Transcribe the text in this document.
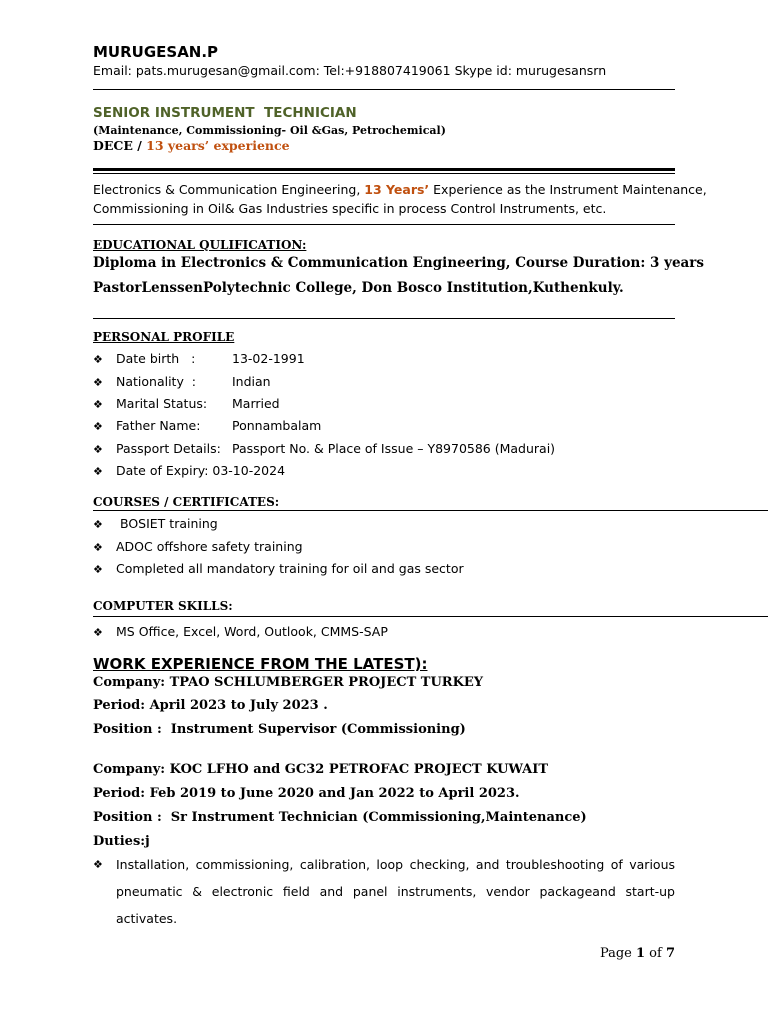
MURUGESAN.P
Email: pats.murugesan@gmail.com: Tel:+918807419061 Skype id: murugesansrn
SENIOR INSTRUMENT  TECHNICIAN
(Maintenance, Commissioning- Oil &Gas, Petrochemical)
DECE / 13 years’ experience
Electronics & Communication Engineering, 13 Years’ Experience as the Instrument Maintenance,
Commissioning in Oil& Gas Industries specific in process Control Instruments, etc.
EDUCATIONAL QULIFICATION:
Diploma in Electronics & Communication Engineering, Course Duration: 3 years
PastorLenssenPolytechnic College, Don Bosco Institution,Kuthenkuly.
PERSONAL PROFILE
❖ Date birth   :	13-02-1991
❖ Nationality  :	Indian
❖ Marital Status: Married
❖ Father Name:	Ponnambalam
❖ Passport Details: Passport No. & Place of Issue – Y8970586 (Madurai)
❖ Date of Expiry: 03-10-2024
COURSES / CERTIFICATES:
❖ BOSIET training
❖ ADOC offshore safety training
❖ Completed all mandatory training for oil and gas sector
COMPUTER SKILLS:
❖ MS Office, Excel, Word, Outlook, CMMS-SAP
WORK EXPERIENCE FROM THE LATEST):
Company: TPAO SCHLUMBERGER PROJECT TURKEY
Period: April 2023 to July 2023 .
Position :  Instrument Supervisor (Commissioning)
Company: KOC LFHO and GC32 PETROFAC PROJECT KUWAIT
Period: Feb 2019 to June 2020 and Jan 2022 to April 2023.
Position :  Sr Instrument Technician (Commissioning,Maintenance)
Duties:j
❖ Installation, commissioning, calibration, loop checking, and troubleshooting of various
pneumatic & electronic field and panel instruments, vendor packageand start-up
activates.
Page 1 of 7
